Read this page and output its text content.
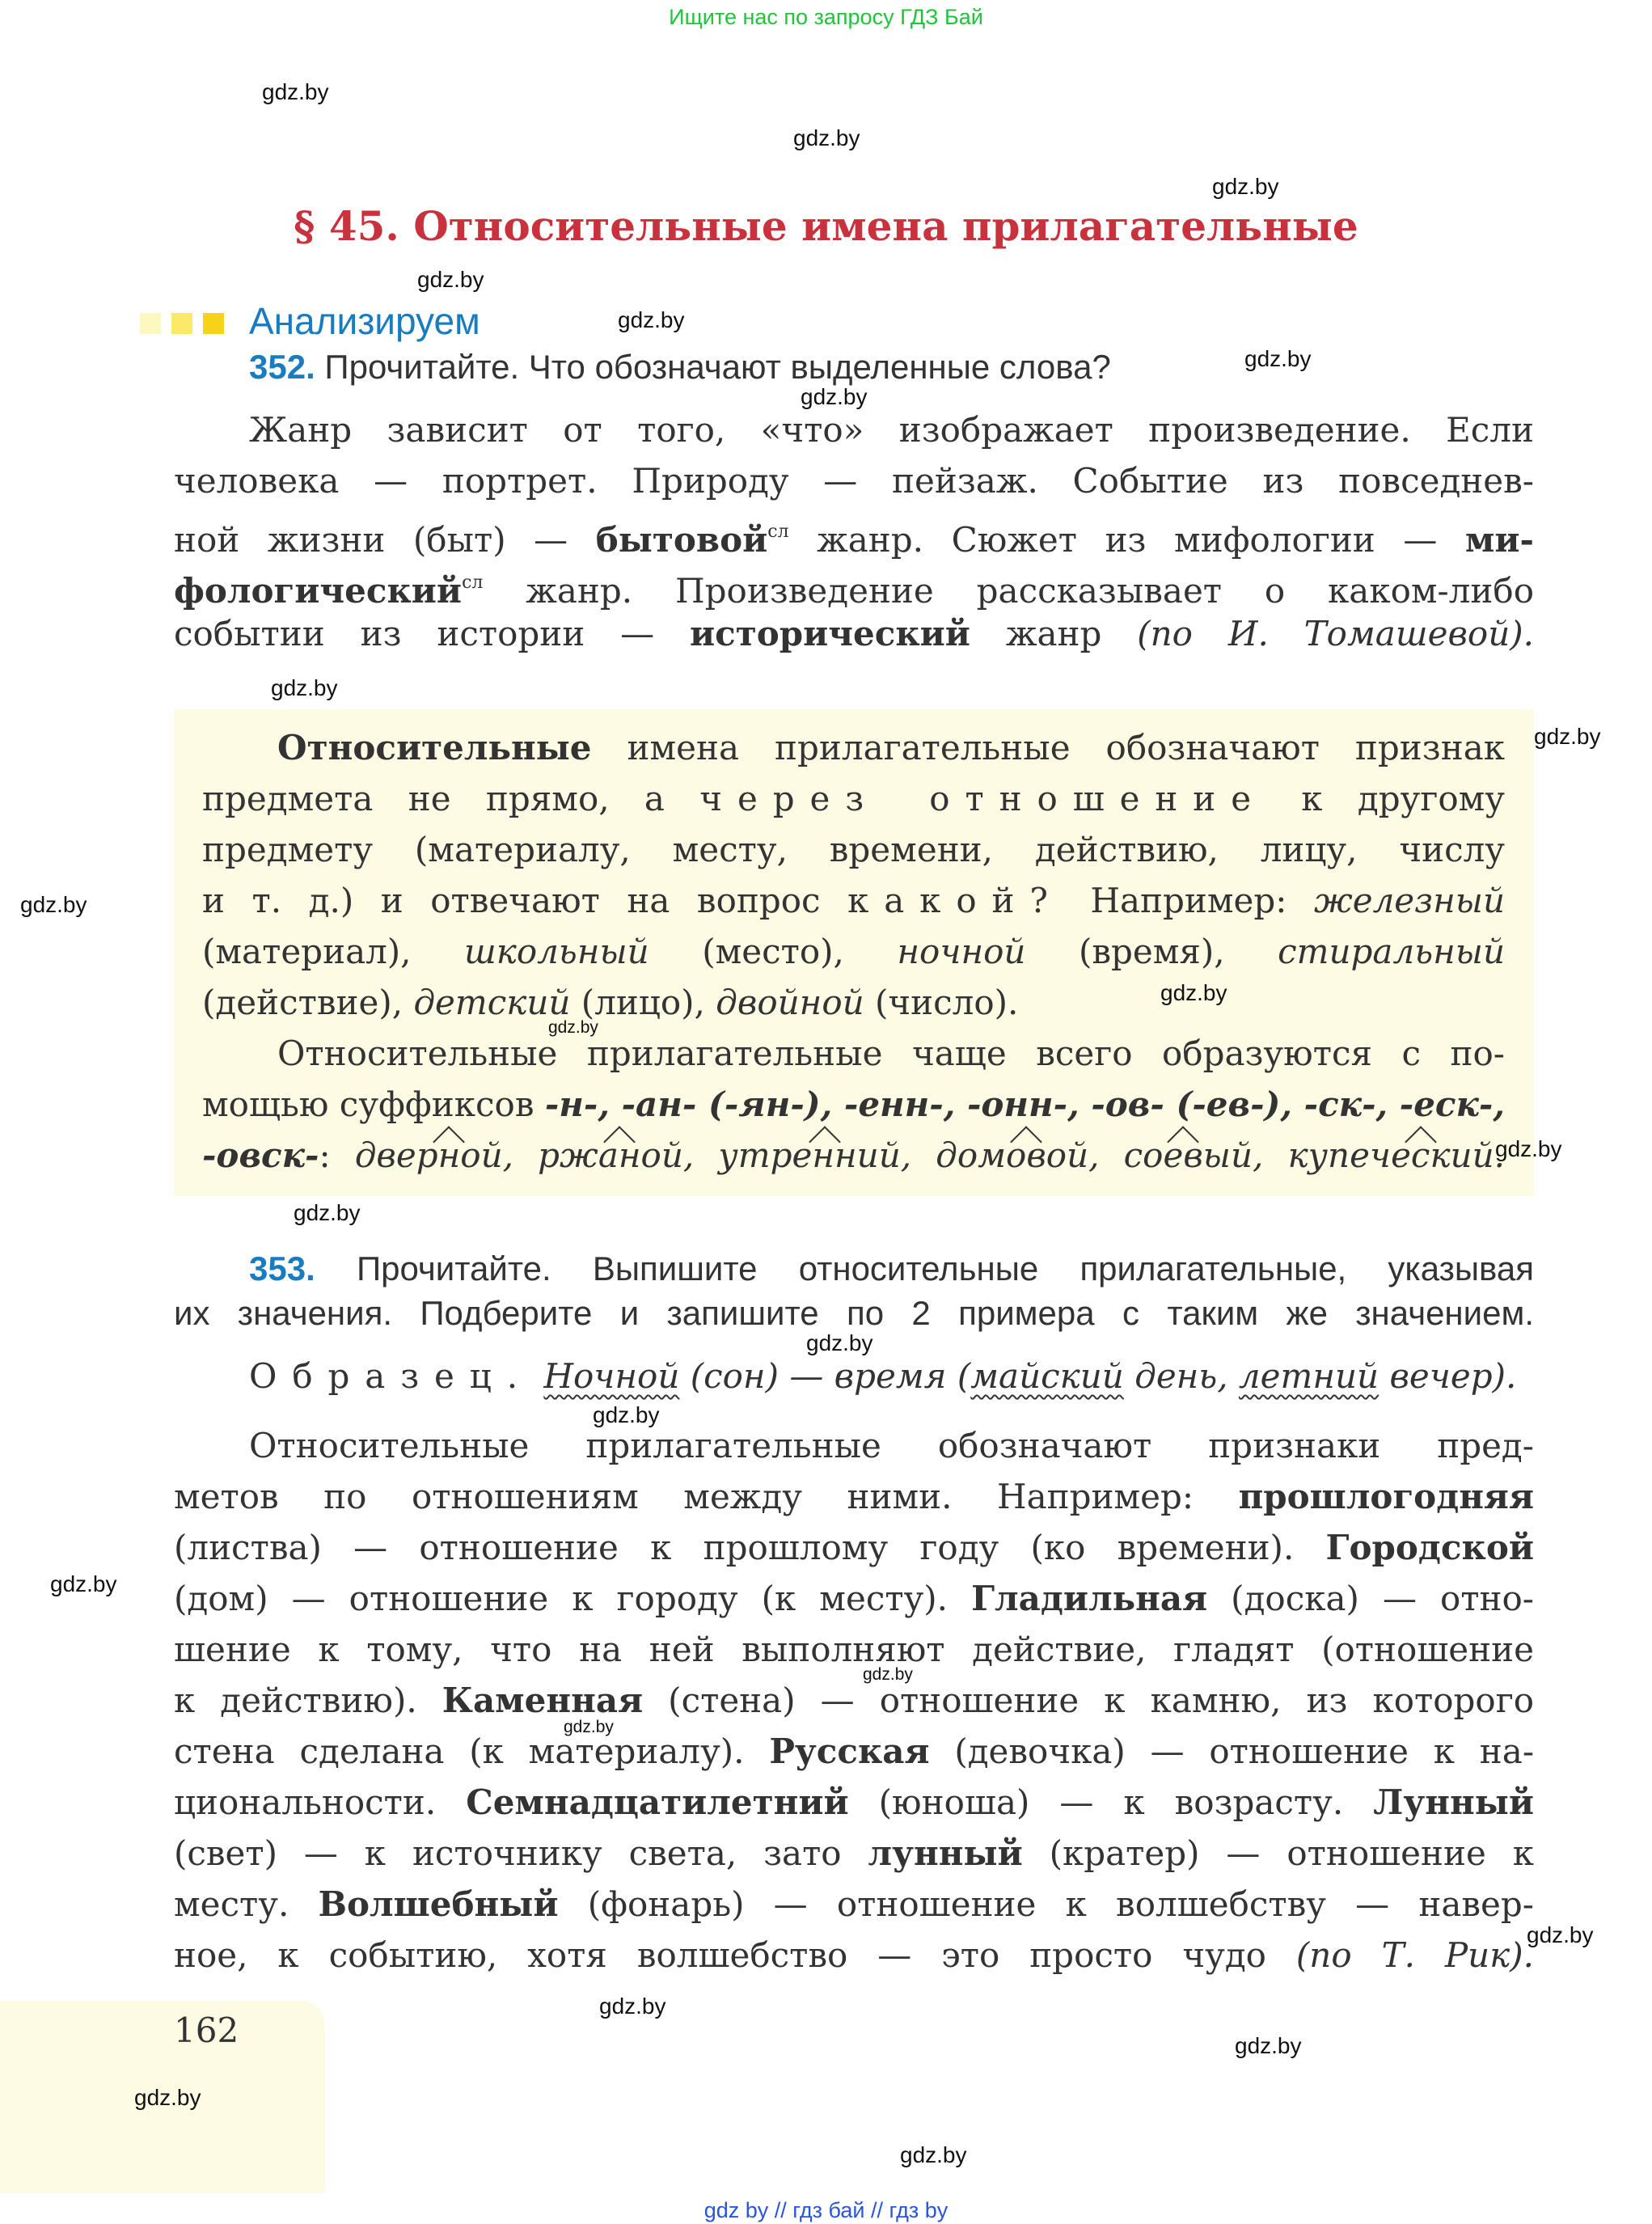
Ищите нас по запросу ГДЗ Бай
§ 45. Относительные имена прилагательные
Анализируем
352. Прочитайте. Что обозначают выделенные слова?
Жанр зависит от того, «что» изображает произведение. Если
человека — портрет. Природу — пейзаж. Событие из повседнев-
ной жизни (быт) — бытовой$^{сл}$ жанр. Сюжет из мифологии — ми-
фологический$^{сл}$ жанр. Произведение рассказывает о каком-либо
событии из истории — исторический жанр (по И. Томашевой).
Относительные имена прилагательные обозначают признак
предмета не прямо, а через отношение к другому
предмету (материалу, месту, времени, действию, лицу, числу
и т. д.) и отвечают на вопрос какой? Например: железный
(материал), школьный (место), ночной (время), стиральный
(действие), детский (лицо), двойной (число).
Относительные прилагательные чаще всего образуются с по-
мощью суффиксов -н-, -ан- (-ян-), -енн-, -онн-, -ов- (-ев-), -ск-, -еск-,
-овск-: дверной, ржаной, утренний, домовой, соевый, купеческий.
353. Прочитайте. Выпишите относительные прилагательные, указывая
их значения. Подберите и запишите по 2 примера с таким же значением.
Образец. Ночной (сон) — время (майский день, летний вечер).
Относительные прилагательные обозначают признаки пред-
метов по отношениям между ними. Например: прошлогодняя
(листва) — отношение к прошлому году (ко времени). Городской
(дом) — отношение к городу (к месту). Гладильная (доска) — отно-
шение к тому, что на ней выполняют действие, гладят (отношение
к действию). Каменная (стена) — отношение к камню, из которого
стена сделана (к материалу). Русская (девочка) — отношение к на-
циональности. Семнадцатилетний (юноша) — к возрасту. Лунный
(свет) — к источнику света, зато лунный (кратер) — отношение к
месту. Волшебный (фонарь) — отношение к волшебству — навер-
ное, к событию, хотя волшебство — это просто чудо (по Т. Рик).
162
gdz by // гдз бай // гдз by
gdz.by
gdz.by
gdz.by
gdz.by
gdz.by
gdz.by
gdz.by
gdz.by
gdz.by
gdz.by
gdz.by
gdz.by
gdz.by
gdz.by
gdz.by
gdz.by
gdz.by
gdz.by
gdz.by
gdz.by
gdz.by
gdz.by
gdz.by
gdz.by
